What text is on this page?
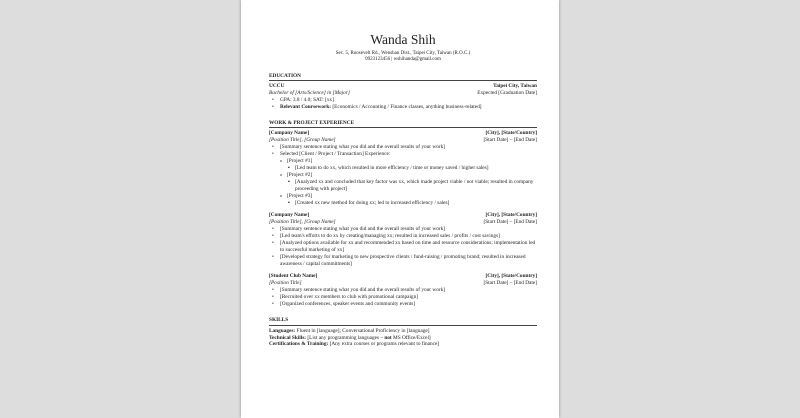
Wanda Shih
Sec. 5, Roosevelt Rd., Wenshan Dist., Taipei City, Taiwan (R.O.C.)
0923123456 | wshihanda@gmail.com
EDUCATION
UCCU	Taipei City, Taiwan
Bachelor of [Arts/Science] in [Major]	Expected [Graduation Date]
• GPA: 3.8 / 4.0; SAT: [xx]
• Relevant Coursework: [Economics / Accounting / Finance classes, anything business-related]
WORK & PROJECT EXPERIENCE
[Company Name]	[City], [State/Country]
[Position Title], [Group Name]	[Start Date] – [End Date]
• [Summary sentence stating what you did and the overall results of your work]
• Selected [Client / Project / Transaction] Experience:
o [Project #1]
▪ [Led team to do xx, which resulted in more efficiency / time or money saved / higher sales]
o [Project #2]
▪ [Analyzed xx and concluded that key factor was xx, which made project viable / not viable; resulted in company proceeding with project]
o [Project #3]
▪ [Created xx new method for doing xx; led to increased efficiency / sales]
[Company Name]	[City], [State/Country]
[Position Title], [Group Name]	[Start Date] – [End Date]
• [Summary sentence stating what you did and the overall results of your work]
• [Led team's efforts to do xx by creating/managing xx; resulted in increased sales / profits / cost savings]
• [Analyzed options available for xx and recommended xx based on time and resource considerations; implementation led to successful marketing of xx]
• [Developed strategy for marketing to new prospective clients / fund-raising / promoting brand; resulted in increased awareness / capital commitments]
[Student Club Name]	[City], [State/Country]
[Position Title]	[Start Date] – [End Date]
• [Summary sentence stating what you did and the overall results of your work]
• [Recruited over xx members to club with promotional campaign]
• [Organized conferences, speaker events and community events]
SKILLS

Languages: Fluent in [language]; Conversational Proficiency in [language]

Technical Skills: [List any programming languages – not MS Office/Excel]

Certifications & Training: [Any extra courses or programs relevant to finance]
